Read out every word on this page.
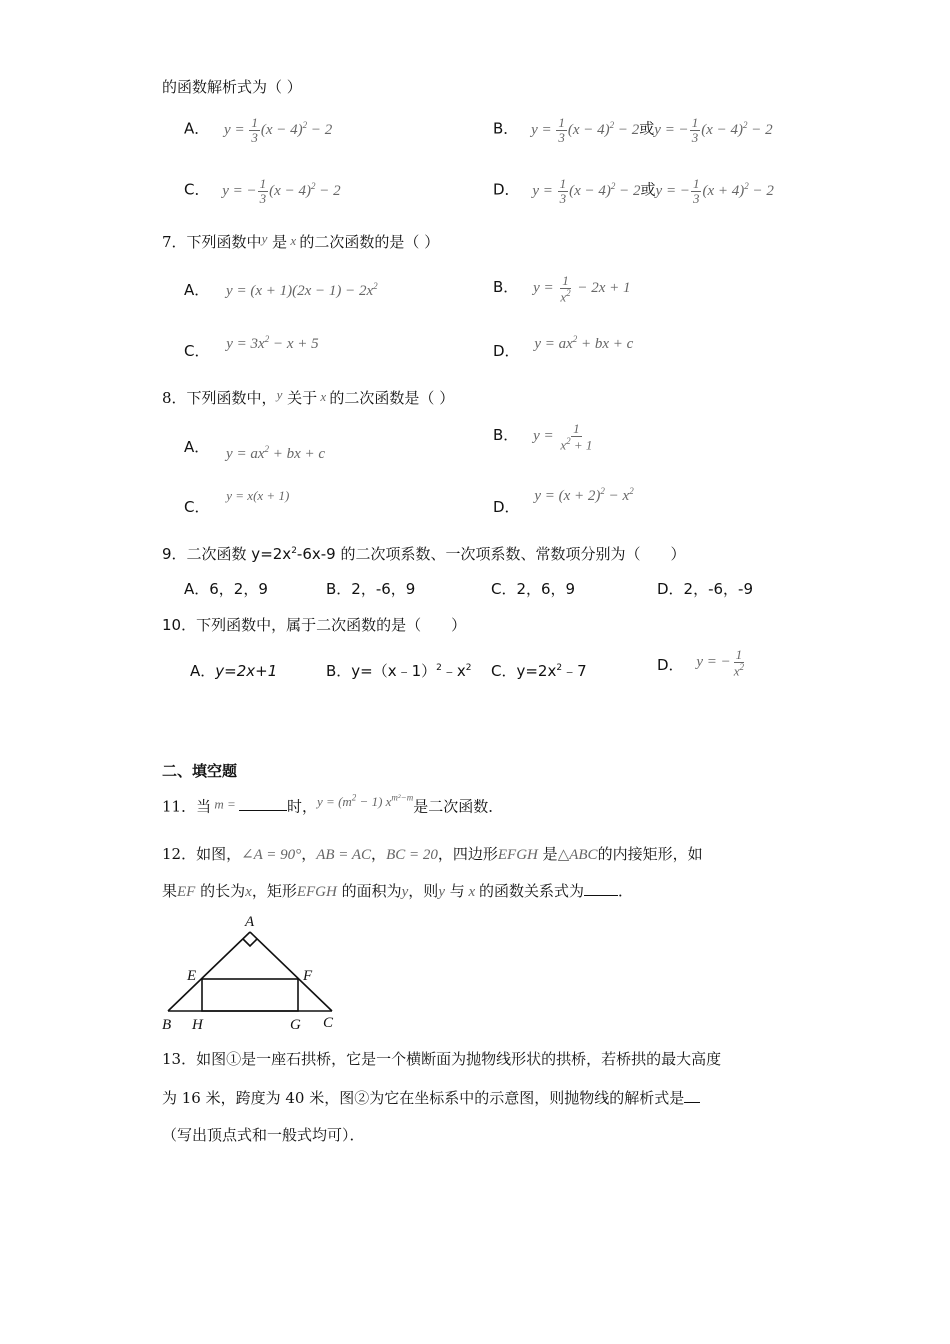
的函数解析式为（ ）
A． $y = \frac{1}{3} (x - 4)^2 - 2$	B． $y = \frac{1}{3} (x - 4)^2 - 2$或y = − $\frac{1}{3} (x - 4)^2 - 2$
C． y = − $\frac{1}{3} (x - 4)^2 - 2$	D． $y = \frac{1}{3} (x - 4)^2 - 2$或y = − $\frac{1}{3} (x + 4)^2 - 2$
7．下列函数中y 是 x 的二次函数的是（ ）
A． $y = (x + 1)(2x - 1) - 2x^2$	B． $y = \frac{1}{x^2} - 2x + 1$
C． $y = 3x^2 - x + 5$	D． $y = ax^2$ + bx + c
8．下列函数中，y 关于 x 的二次函数是（ ）
A． $y = ax^2$ + bx + c
B． $y = \frac{1}{x^2 + 1}$
C． y = x(x + 1)
D． $y = (x + 2)^2 - x^2$
9．二次函数 $y=2x^2-6x-9$ 的二次项系数、一次项系数、常数项分别为（　　）
A．6，2，9	B．2，-6，9	C．2，6，9	D．2，-6，-9
10．下列函数中，属于二次函数的是（　　）
A．y=2x+1	B．$y=(x﹣1)^2﹣x^2$ C．$y=2x^2﹣7$	D． y = − $\frac{1}{x^2}$
二、填空题
11．当 m =	时，$y = (m^2 - 1)$ $x^{m^2-m}$是二次函数．
12．如图，∠A = 90°，AB = AC，BC = 20，四边形EFGH 是△ABC的内接矩形，如
果EF 的长为x，矩形EFGH 的面积为y，则y 与 x 的函数关系式为 ．
A
E	F
B H	G C
13．如图①是一座石拱桥，它是一个横断面为抛物线形状的拱桥，若桥拱的最大高度
为 16 米，跨度为 40 米，图②为它在坐标系中的示意图，则抛物线的解析式是
（写出顶点式和一般式均可）．
